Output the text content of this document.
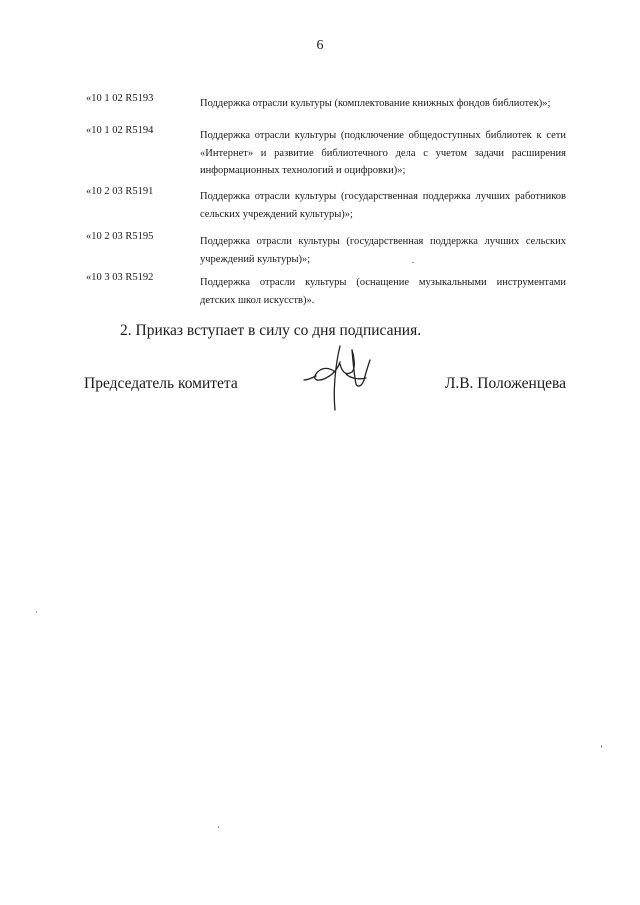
6
«10 1 02 R5193	Поддержка отрасли культуры (комплектование книжных фондов библиотек)»;
«10 1 02 R5194	Поддержка отрасли культуры (подключение общедоступных библиотек к сети
«Интернет» и развитие библиотечного дела с учетом задачи расширения
информационных технологий и оцифровки)»;
«10 2 03 R5191	Поддержка отрасли культуры (государственная поддержка лучших работников
сельских учреждений культуры)»;
«10 2 03 R5195	Поддержка отрасли культуры (государственная поддержка лучших сельских
учреждений культуры)»;
«10 3 03 R5192	Поддержка отрасли культуры (оснащение музыкальными инструментами
детских школ искусств)».
2. Приказ вступает в силу со дня подписания.
Председатель комитета	Л.В. Положенцева
